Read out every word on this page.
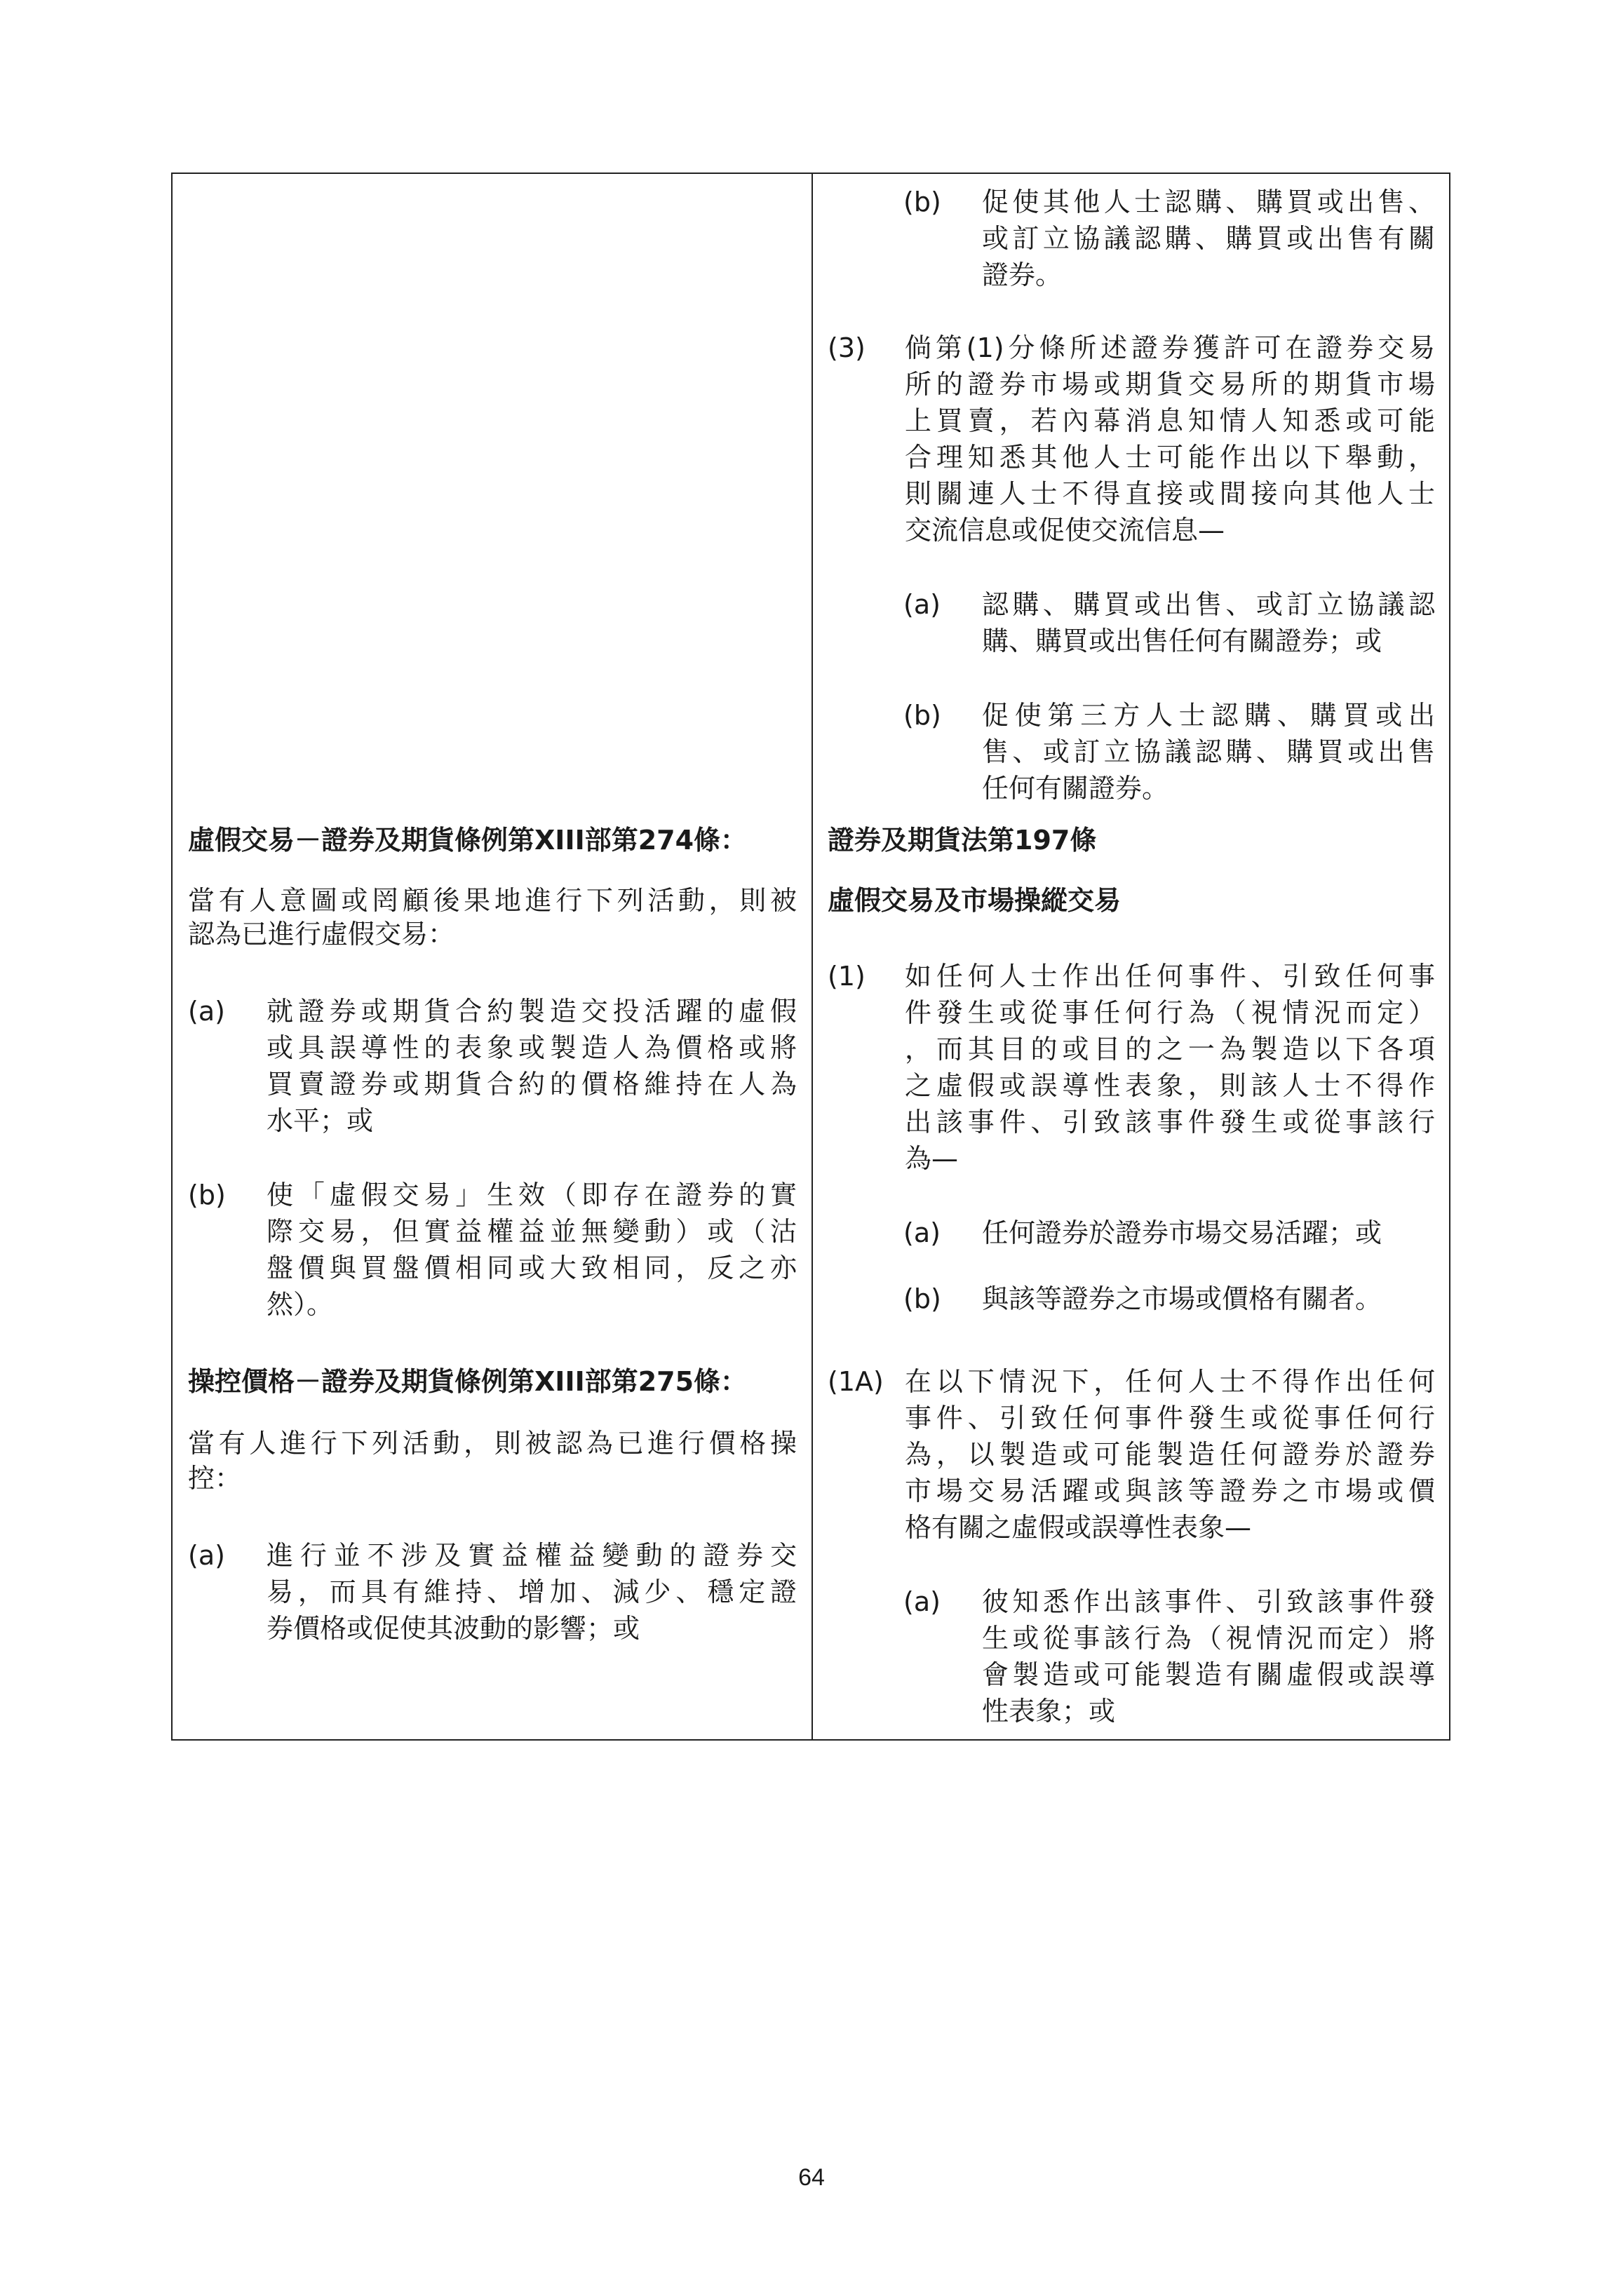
虛假交易－證券及期貨條例第XIII部第274條：

當有人意圖或罔顧後果地進行下列活動，則被

認為已進行虛假交易：

(a) 就證券或期貨合約製造交投活躍的虛假

或具誤導性的表象或製造人為價格或將

買賣證券或期貨合約的價格維持在人為

水平；或

(b) 使「虛假交易」生效（即存在證券的實

際交易，但實益權益並無變動）或（沽

盤價與買盤價相同或大致相同，反之亦

然）。

操控價格－證券及期貨條例第XIII部第275條：

當有人進行下列活動，則被認為已進行價格操

控：

(a) 進行並不涉及實益權益變動的證券交

易，而具有維持、增加、減少、穩定證

券價格或促使其波動的影響；或

(b) 促使其他人士認購、購買或出售、

或訂立協議認購、購買或出售有關

證券。

(3) 倘第(1)分條所述證券獲許可在證券交易

所的證券市場或期貨交易所的期貨市場

上買賣，若內幕消息知情人知悉或可能

合理知悉其他人士可能作出以下舉動，

則關連人士不得直接或間接向其他人士

交流信息或促使交流信息—

(a) 認購、購買或出售、或訂立協議認

購、購買或出售任何有關證券；或

(b) 促使第三方人士認購、購買或出

售、或訂立協議認購、購買或出售

任何有關證券。

證券及期貨法第197條

虛假交易及市場操縱交易

(1) 如任何人士作出任何事件、引致任何事

件發生或從事任何行為（視情況而定）

，而其目的或目的之一為製造以下各項

之虛假或誤導性表象，則該人士不得作

出該事件、引致該事件發生或從事該行

為—

(a) 任何證券於證券市場交易活躍；或

(b) 與該等證券之市場或價格有關者。

(1A) 在以下情況下，任何人士不得作出任何

事件、引致任何事件發生或從事任何行

為，以製造或可能製造任何證券於證券

市場交易活躍或與該等證券之市場或價

格有關之虛假或誤導性表象—

(a) 彼知悉作出該事件、引致該事件發

生或從事該行為（視情況而定）將

會製造或可能製造有關虛假或誤導

性表象；或

64
